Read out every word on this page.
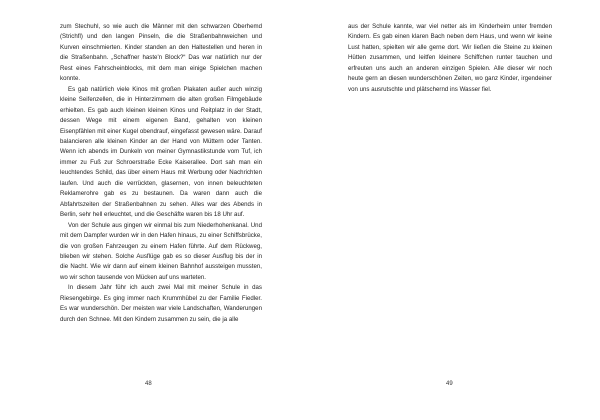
zum Stechuhl, so wie auch die Männer mit den schwarzen Oberhemd (Strichfl) und den langen Pinseln, die die Straßenbahnweichen und Kurven einschmierten. Kinder standen an den Haltestellen und heren in die Straßenbahn. „Schaffner haste'n Block?“ Das war natürlich nur der Rest eines Fahrscheinblocks, mit dem man einige Spielchen machen konnte.

Es gab natürlich viele Kinos mit großen Plakaten außer auch winzig kleine Seifenzellen, die in Hinterzimmern die alten großen Filmgebäude erhielten. Es gab auch kleinen kleinen Kinos und Reitplatz in der Stadt, dessen Wege mit einem eigenen Band, gehalten von kleinen Eisenpfählen mit einer Kugel obendrauf, eingefasst gewesen wäre. Darauf balancieren alle kleinen Kinder an der Hand von Müttern oder Tanten. Wenn ich abends im Dunkeln von meiner Gymnastikstunde vom Tuf, ich immer zu Fuß zur Schroerstraße Ecke Kaiserallee. Dort sah man ein leuchtendes Schild, das über einem Haus mit Werbung oder Nachrichten laufen. Und auch die verrückten, glasernen, von innen beleuchteten Reklamerohre gab es zu bestaunen. Da waren dann auch die Abfahrtszeiten der Straßenbahnen zu sehen. Alles war des Abends in Berlin, sehr hell erleuchtet, und die Geschäfte waren bis 18 Uhr auf.

Von der Schule aus gingen wir einmal bis zum Niederhohenkanal. Und mit dem Dampfer wurden wir in den Hafen hinaus, zu einer Schiffsbrücke, die von großen Fahrzeugen zu einem Hafen führte. Auf dem Rückweg, blieben wir stehen. Solche Ausflüge gab es so dieser Ausflug bis der in die Nacht. Wie wir dann auf einem kleinen Bahnhof aussteigen mussten, wo wir schon tausende von Mücken auf uns warteten.

In diesem Jahr führ ich auch zwei Mal mit meiner Schule in das Riesengebirge. Es ging immer nach Krummhübel zu der Familie Fiedler. Es war wunderschön. Der meisten war viele Landschaften, Wanderungen durch den Schnee. Mit den Kindern zusammen zu sein, die ja alle

48

aus der Schule kannte, war viel netter als im Kinderheim unter fremden Kindern. Es gab einen klaren Bach neben dem Haus, und wenn wir keine Lust hatten, spielten wir alle gerne dort. Wir ließen die Steine zu kleinen Hütten zusammen, und leitfen kleinere Schiffchen runter tauchen und erfreuten uns auch an anderen einzigen Spielen. Alle dieser wir noch heute gern an diesen wunderschönen Zeiten, wo ganz Kinder, irgendeiner von uns ausrutschte und plätschernd ins Wasser fiel.

49
